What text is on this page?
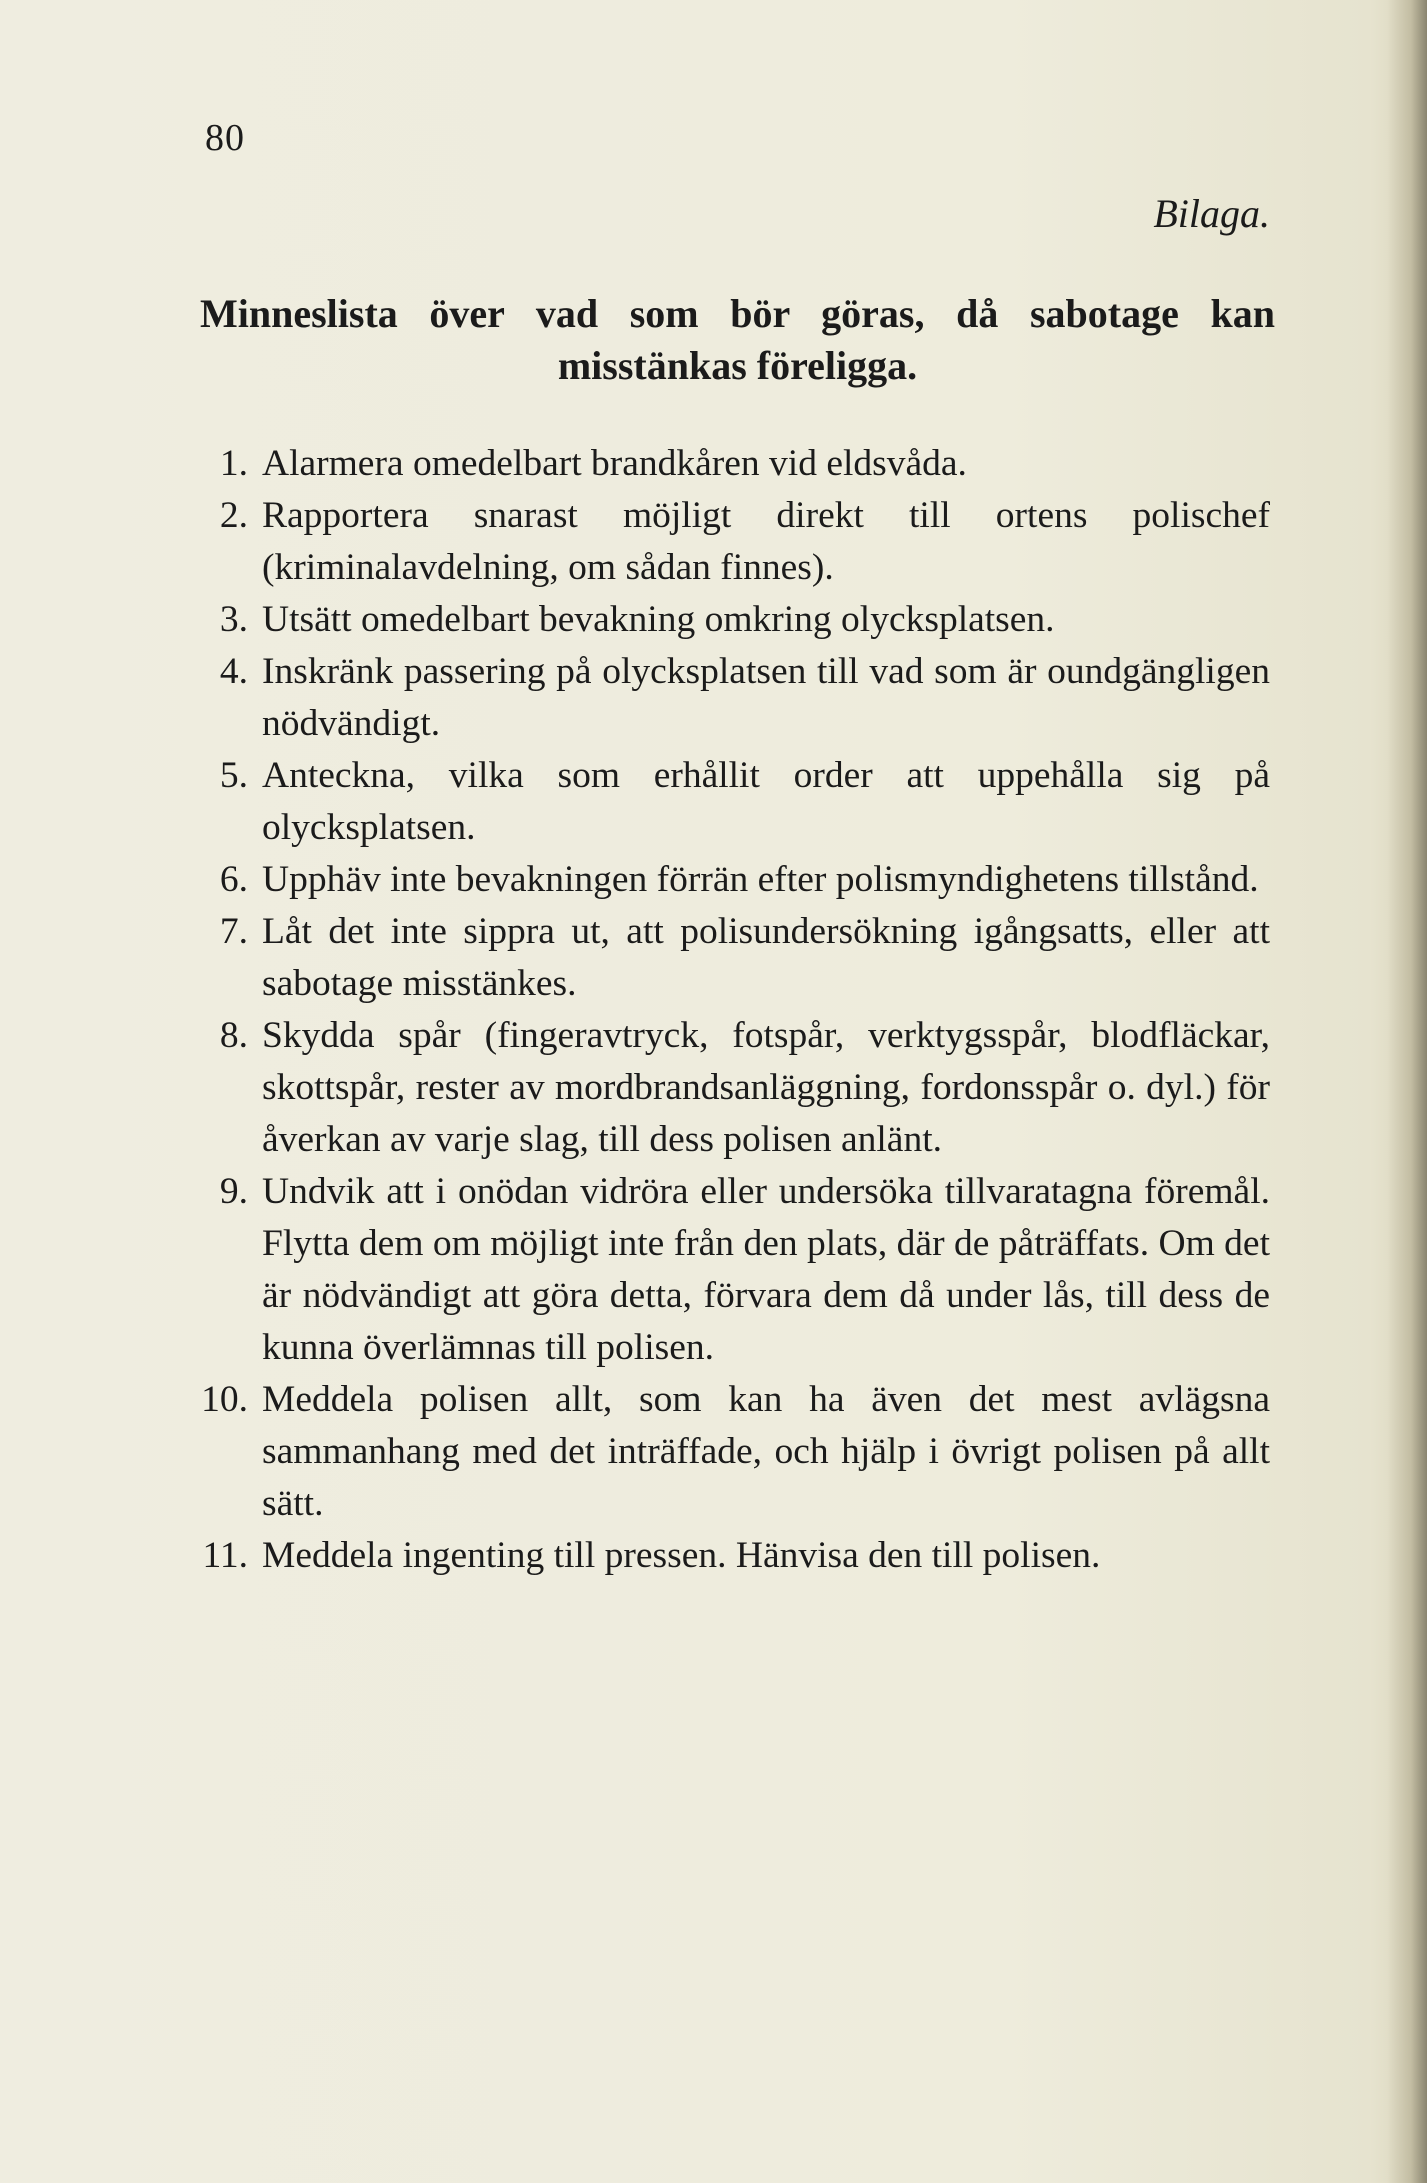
80
Bilaga.
Minneslista över vad som bör göras, då sabotage kan misstänkas föreligga.
1. Alarmera omedelbart brandkåren vid eldsvåda.
2. Rapportera snarast möjligt direkt till ortens polischef (kriminalavdelning, om sådan finnes).
3. Utsätt omedelbart bevakning omkring olycksplatsen.
4. Inskränk passering på olycksplatsen till vad som är oundgängligen nödvändigt.
5. Anteckna, vilka som erhållit order att uppehålla sig på olycksplatsen.
6. Upphäv inte bevakningen förrän efter polismyndighetens tillstånd.
7. Låt det inte sippra ut, att polisundersökning igångsatts, eller att sabotage misstänkes.
8. Skydda spår (fingeravtryck, fotspår, verktygsspår, blodfläckar, skottspår, rester av mordbrandsanläggning, fordonsspår o. dyl.) för åverkan av varje slag, till dess polisen anlänt.
9. Undvik att i onödan vidröra eller undersöka tillvaratagna föremål. Flytta dem om möjligt inte från den plats, där de påträffats. Om det är nödvändigt att göra detta, förvara dem då under lås, till dess de kunna överlämnas till polisen.
10. Meddela polisen allt, som kan ha även det mest avlägsna sammanhang med det inträffade, och hjälp i övrigt polisen på allt sätt.
11. Meddela ingenting till pressen. Hänvisa den till polisen.
